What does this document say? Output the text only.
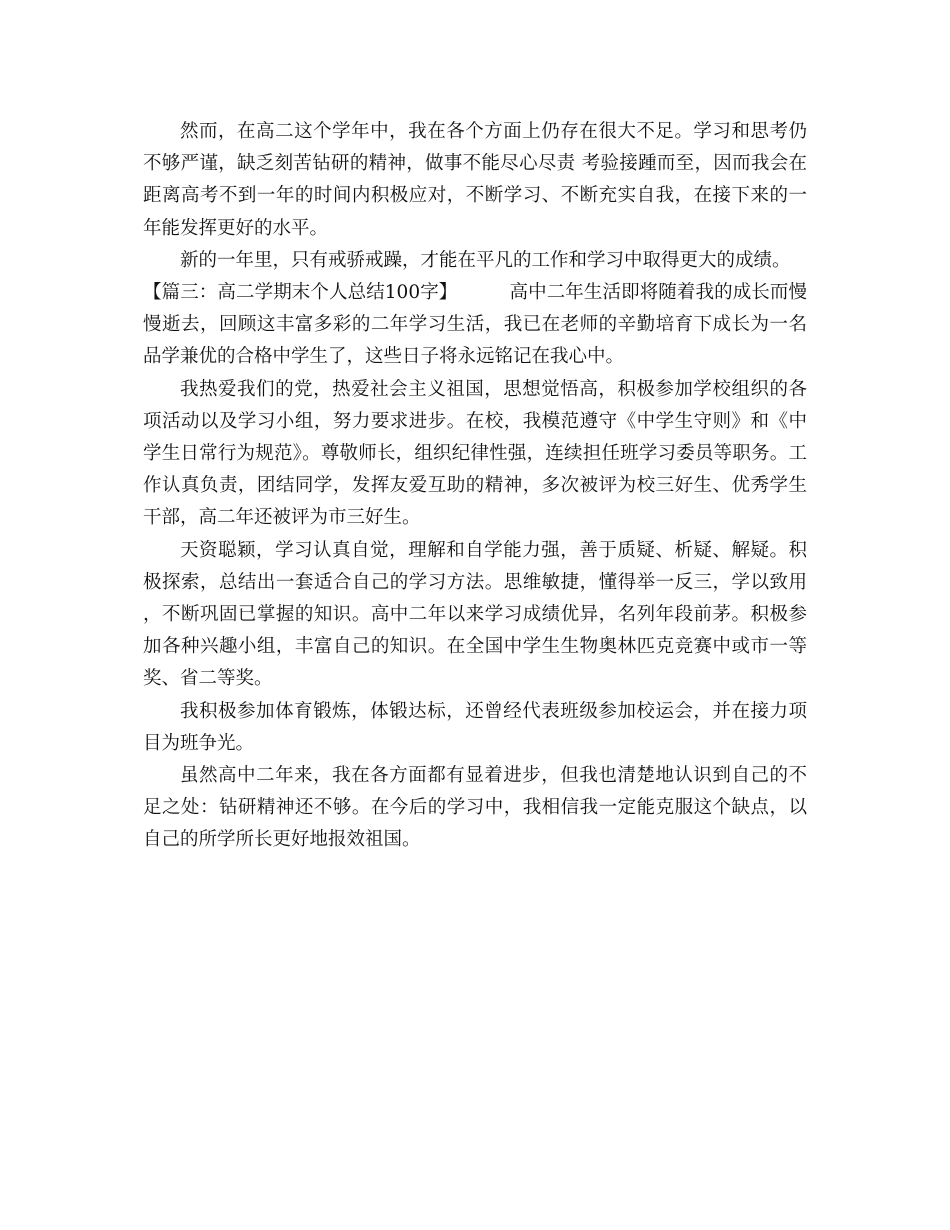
然而，在高二这个学年中，我在各个方面上仍存在很大不足。学习和思考仍不够严谨，缺乏刻苦钻研的精神，做事不能尽心尽责 考验接踵而至，因而我会在距离高考不到一年的时间内积极应对，不断学习、不断充实自我，在接下来的一年能发挥更好的水平。

新的一年里，只有戒骄戒躁，才能在平凡的工作和学习中取得更大的成绩。

【篇三：高二学期末个人总结100字】	高中二年生活即将随着我的成长而慢慢逝去，回顾这丰富多彩的二年学习生活，我已在老师的辛勤培育下成长为一名品学兼优的合格中学生了，这些日子将永远铭记在我心中。

我热爱我们的党，热爱社会主义祖国，思想觉悟高，积极参加学校组织的各项活动以及学习小组，努力要求进步。在校，我模范遵守《中学生守则》和《中学生日常行为规范》。尊敬师长，组织纪律性强，连续担任班学习委员等职务。工作认真负责，团结同学，发挥友爱互助的精神，多次被评为校三好生、优秀学生干部，高二年还被评为市三好生。

天资聪颖，学习认真自觉，理解和自学能力强，善于质疑、析疑、解疑。积极探索，总结出一套适合自己的学习方法。思维敏捷，懂得举一反三，学以致用，不断巩固已掌握的知识。高中二年以来学习成绩优异，名列年段前茅。积极参加各种兴趣小组，丰富自己的知识。在全国中学生生物奥林匹克竞赛中或市一等奖、省二等奖。

我积极参加体育锻炼，体锻达标，还曾经代表班级参加校运会，并在接力项目为班争光。

虽然高中二年来，我在各方面都有显着进步，但我也清楚地认识到自己的不足之处：钻研精神还不够。在今后的学习中，我相信我一定能克服这个缺点，以自己的所学所长更好地报效祖国。
